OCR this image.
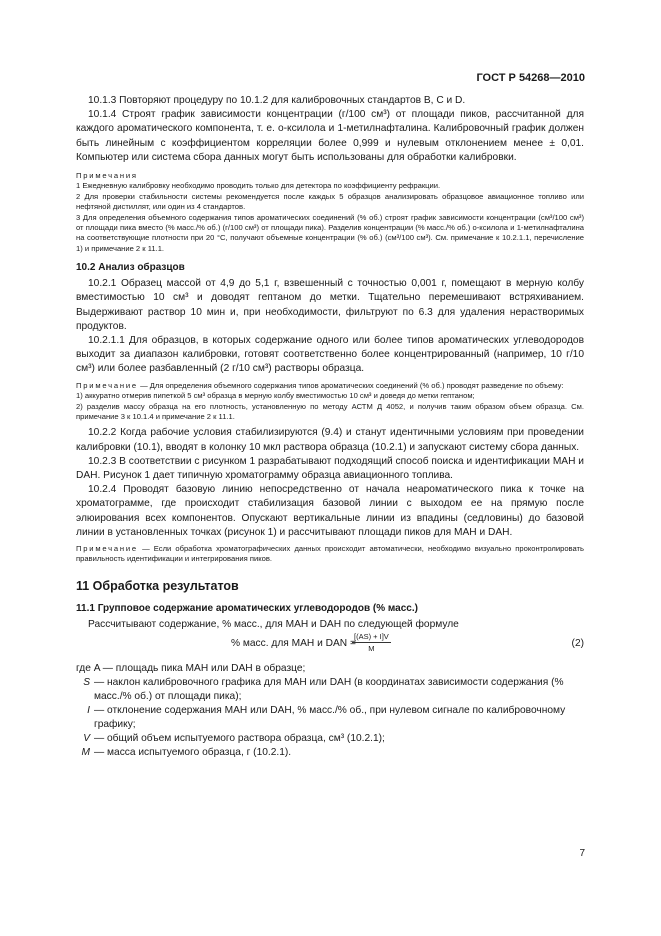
ГОСТ Р 54268—2010

10.1.3 Повторяют процедуру по 10.1.2 для калибровочных стандартов В, С и D.

10.1.4 Строят график зависимости концентрации (г/100 см³) от площади пиков, рассчитанной для каждого ароматического компонента, т. е. о-ксилола и 1-метилнафталина. Калибровочный график должен быть линейным с коэффициентом корреляции более 0,999 и нулевым отклонением менее ± 0,01. Компьютер или система сбора данных могут быть использованы для обработки калибровки.

Примечания

1 Ежедневную калибровку необходимо проводить только для детектора по коэффициенту рефракции.

2 Для проверки стабильности системы рекомендуется после каждых 5 образцов анализировать образцовое авиационное топливо или нефтяной дистиллят, или один из 4 стандартов.

3 Для определения объемного содержания типов ароматических соединений (% об.) строят график зависимости концентрации (см³/100 см³) от площади пика вместо (% масс./% об.) (г/100 см³) от площади пика). Разделив концентрации (% масс./% об.) о-ксилола и 1-метилнафталина на соответствующие плотности при 20 °С, получают объемные концентрации (% об.) (см³/100 см³). См. примечание к 10.2.1.1, перечисление 1) и примечание 2 к 11.1.

10.2 Анализ образцов

10.2.1 Образец массой от 4,9 до 5,1 г, взвешенный с точностью 0,001 г, помещают в мерную колбу вместимостью 10 см³ и доводят гептаном до метки. Тщательно перемешивают встряхиванием. Выдерживают раствор 10 мин и, при необходимости, фильтруют по 6.3 для удаления нерастворимых продуктов.

10.2.1.1 Для образцов, в которых содержание одного или более типов ароматических углеводородов выходит за диапазон калибровки, готовят соответственно более концентрированный (например, 10 г/10 см³) или более разбавленный (2 г/10 см³) растворы образца.

Примечание — Для определения объемного содержания типов ароматических соединений (% об.) проводят разведение по объему:

1) аккуратно отмерив пипеткой 5 см³ образца в мерную колбу вместимостью 10 см³ и доведя до метки гептаном;

2) разделив массу образца на его плотность, установленную по методу АСТМ Д 4052, и получив таким образом объем образца. См. примечание 3 к 10.1.4 и примечание 2 к 11.1.

10.2.2 Когда рабочие условия стабилизируются (9.4) и станут идентичными условиям при проведении калибровки (10.1), вводят в колонку 10 мкл раствора образца (10.2.1) и запускают систему сбора данных.

10.2.3 В соответствии с рисунком 1 разрабатывают подходящий способ поиска и идентификации МАН и DAH. Рисунок 1 дает типичную хроматограмму образца авиационного топлива.

10.2.4 Проводят базовую линию непосредственно от начала неароматического пика к точке на хроматограмме, где происходит стабилизация базовой линии с выходом ее на прямую после элюирования всех компонентов. Опускают вертикальные линии из впадины (седловины) до базовой линии в установленных точках (рисунок 1) и рассчитывают площади пиков для МАН и DAH.

Примечание — Если обработка хроматографических данных происходит автоматически, необходимо визуально проконтролировать правильность идентификации и интегрирования пиков.

11 Обработка результатов

11.1 Групповое содержание ароматических углеводородов (% масс.)

Рассчитывают содержание, % масс., для МАН и DAH по следующей формуле

% масс. для МАН и DAN =
$\frac{[(AS) + I]V}{M}$	(2)
где A — площадь пика МАН или DAH в образце;
S — наклон калибровочного графика для МАН или DAH (в координатах зависимости содержания (% масс./% об.) от площади пика);
I — отклонение содержания МАН или DAH, % масс./% об., при нулевом сигнале по калибровочному графику;
V — общий объем испытуемого раствора образца, см³ (10.2.1);
M — масса испытуемого образца, г (10.2.1).
7
